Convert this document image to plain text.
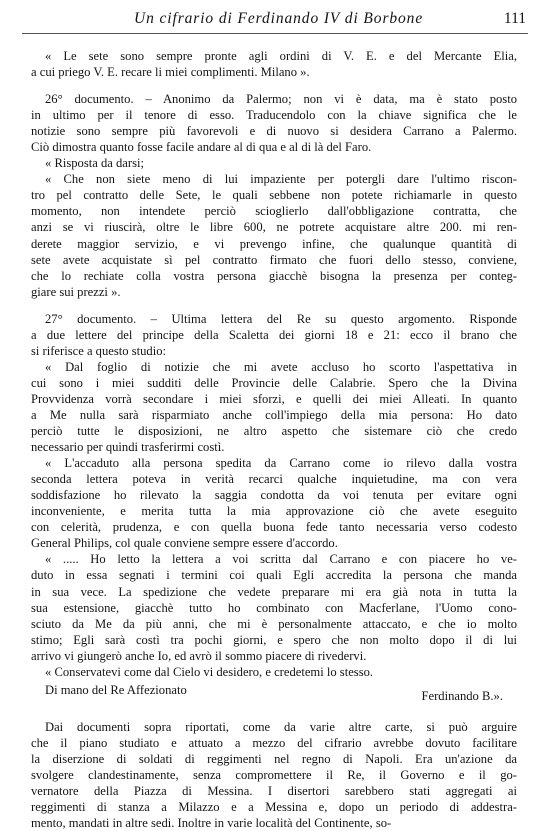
Un cifrario di Ferdinando IV di Borbone	111
« Le sete sono sempre pronte agli ordini di V. E. e del Mercante Elia,
a cui priego V. E. recare li miei complimenti. Milano ».
26° documento. – Anonimo da Palermo; non vi è data, ma è stato posto
in ultimo per il tenore di esso. Traducendolo con la chiave significa che le
notizie sono sempre più favorevoli e di nuovo si desidera Carrano a Palermo.
Ciò dimostra quanto fosse facile andare al di qua e al di là del Faro.
« Risposta da darsi;
« Che non siete meno di lui impaziente per potergli dare l'ultimo riscon-
tro pel contratto delle Sete, le quali sebbene non potete richiamarle in questo
momento, non intendete perciò scioglierlo dall'obbligazione contratta, che
anzi se vi riuscirà, oltre le libre 600, ne potrete acquistare altre 200. mi ren-
derete maggior servizio, e vi prevengo infine, che qualunque quantità di
sete avete acquistate sì pel contratto firmato che fuori dello stesso, conviene,
che lo rechiate colla vostra persona giacchè bisogna la presenza per conteg-
giare sui prezzi ».
27° documento. – Ultima lettera del Re su questo argomento. Risponde
a due lettere del principe della Scaletta dei giorni 18 e 21: ecco il brano che
si riferisce a questo studio:
« Dal foglio di notizie che mi avete accluso ho scorto l'aspettativa in
cui sono i miei sudditi delle Provincie delle Calabrie. Spero che la Divina
Provvidenza vorrà secondare i miei sforzi, e quelli dei miei Alleati. In quanto
a Me nulla sarà risparmiato anche coll'impiego della mia persona: Ho dato
perciò tutte le disposizioni, ne altro aspetto che sistemare ciò che credo
necessario per quindi trasferirmi costì.
« L'accaduto alla persona spedita da Carrano come io rilevo dalla vostra
seconda lettera poteva in verità recarci qualche inquietudine, ma con vera
soddisfazione ho rilevato la saggia condotta da voi tenuta per evitare ogni
inconveniente, e merita tutta la mia approvazione ciò che avete eseguito
con celerità, prudenza, e con quella buona fede tanto necessaria verso codesto
General Philips, col quale conviene sempre essere d'accordo.
« ..... Ho letto la lettera a voi scritta dal Carrano e con piacere ho ve-
duto in essa segnati i termini coi quali Egli accredita la persona che manda
in sua vece. La spedizione che vedete preparare mi era già nota in tutta la
sua estensione, giacchè tutto ho combinato con Macferlane, l'Uomo cono-
sciuto da Me da più anni, che mi è personalmente attaccato, e che io molto
stimo; Egli sarà costì tra pochi giorni, e spero che non molto dopo il di lui
arrivo vi giungerò anche Io, ed avrò il sommo piacere di rivedervi.
« Conservatevi come dal Cielo vi desidero, e credetemi lo stesso.
Di mano del Re Affezionato	Ferdinando B.».
Dai documenti sopra riportati, come da varie altre carte, si può arguire
che il piano studiato e attuato a mezzo del cifrario avrebbe dovuto facilitare
la diserzione di soldati di reggimenti nel regno di Napoli. Era un'azione da
svolgere clandestinamente, senza compromettere il Re, il Governo e il go-
vernatore della Piazza di Messina. I disertori sarebbero stati aggregati ai
reggimenti di stanza a Milazzo e a Messina e, dopo un periodo di addestra-
mento, mandati in altre sedi. Inoltre in varie località del Continente, so-
